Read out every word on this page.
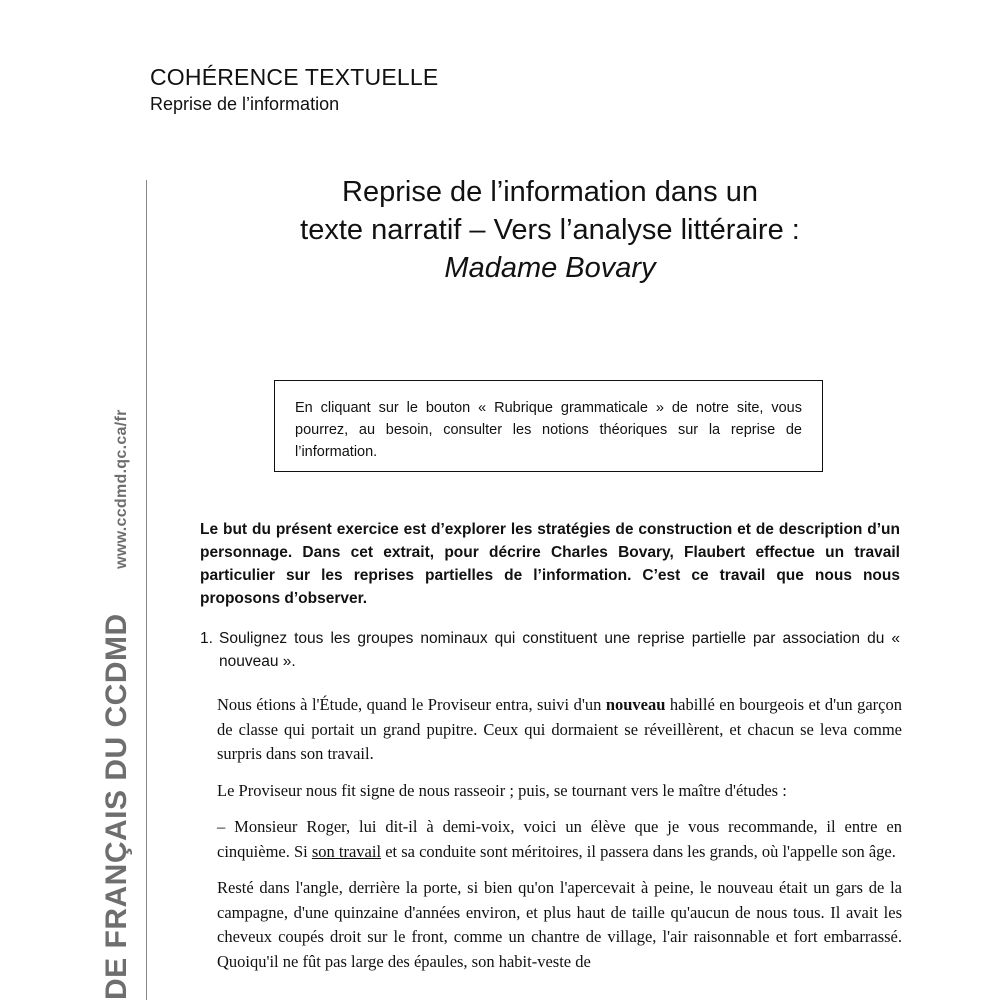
COHÉRENCE TEXTUELLE
Reprise de l’information
DE FRANÇAIS DU CCDMD www.ccdmd.qc.ca/fr
Reprise de l’information dans un
texte narratif – Vers l’analyse littéraire :
Madame Bovary
En cliquant sur le bouton « Rubrique grammaticale » de notre site, vous pourrez, au besoin, consulter les notions théoriques sur la reprise de l’information.
Le but du présent exercice est d’explorer les stratégies de construction et de description d’un personnage. Dans cet extrait, pour décrire Charles Bovary, Flaubert effectue un travail particulier sur les reprises partielles de l’information. C’est ce travail que nous nous proposons d’observer.
1. Soulignez tous les groupes nominaux qui constituent une reprise partielle par association du « nouveau ».

Nous étions à l'Étude, quand le Proviseur entra, suivi d'un nouveau habillé en bourgeois et d'un garçon de classe qui portait un grand pupitre. Ceux qui dormaient se réveillèrent, et chacun se leva comme surpris dans son travail.

Le Proviseur nous fit signe de nous rasseoir ; puis, se tournant vers le maître d'études :

– Monsieur Roger, lui dit-il à demi-voix, voici un élève que je vous recommande, il entre en cinquième. Si son travail et sa conduite sont méritoires, il passera dans les grands, où l'appelle son âge.

Resté dans l'angle, derrière la porte, si bien qu'on l'apercevait à peine, le nouveau était un gars de la campagne, d'une quinzaine d'années environ, et plus haut de taille qu'aucun de nous tous. Il avait les cheveux coupés droit sur le front, comme un chantre de village, l'air raisonnable et fort embarrassé. Quoiqu'il ne fût pas large des épaules, son habit-veste de
